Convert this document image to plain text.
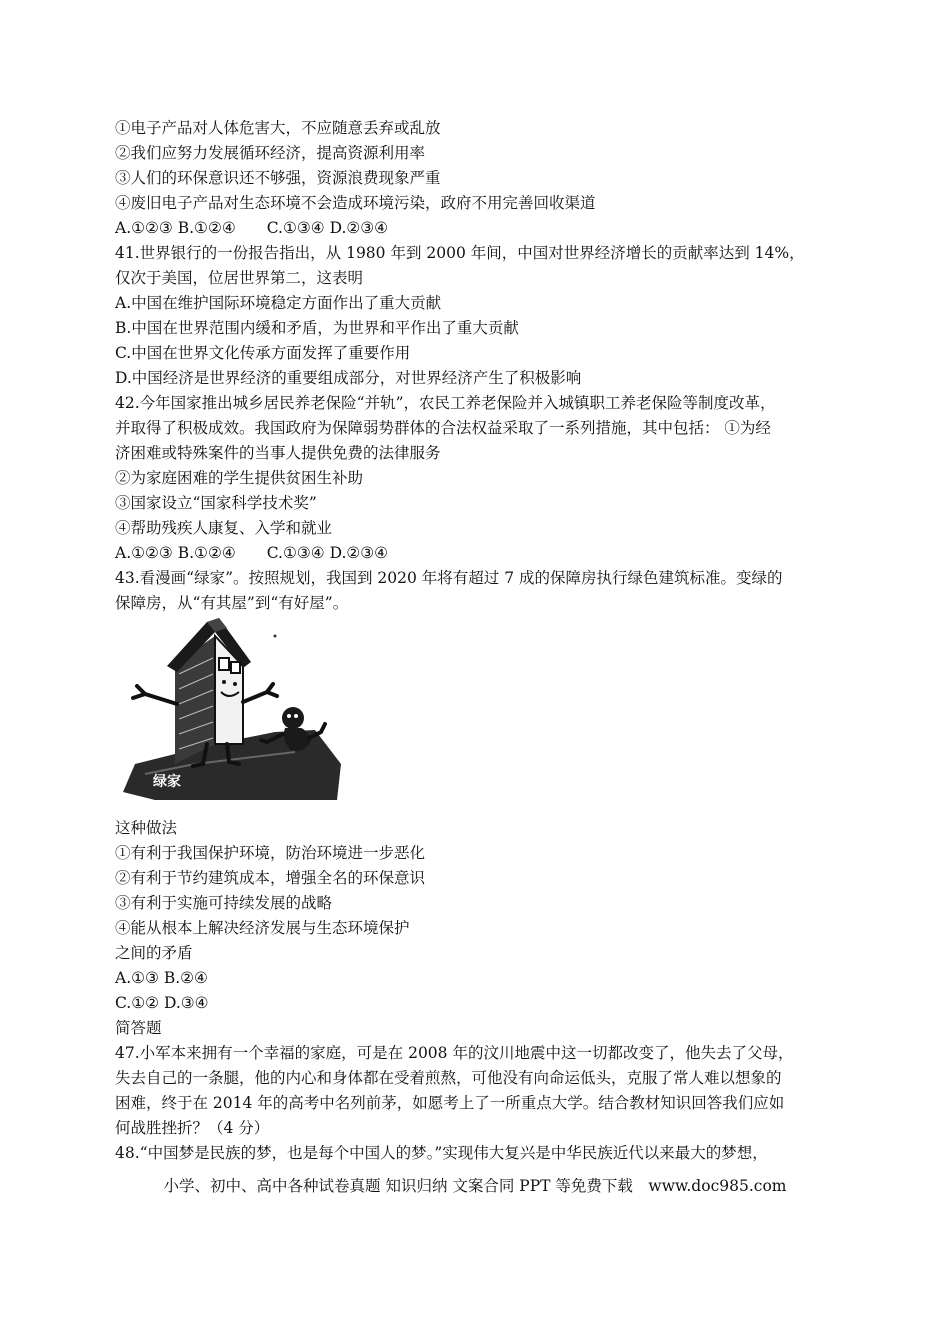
①电子产品对人体危害大，不应随意丢弃或乱放
②我们应努力发展循环经济，提高资源利用率
③人们的环保意识还不够强，资源浪费现象严重
④废旧电子产品对生态环境不会造成环境污染，政府不用完善回收渠道
A.①②③ B.①②④　　C.①③④ D.②③④
41.世界银行的一份报告指出，从 1980 年到 2000 年间，中国对世界经济增长的贡献率达到 14%，
仅次于美国，位居世界第二，这表明
A.中国在维护国际环境稳定方面作出了重大贡献
B.中国在世界范围内缓和矛盾，为世界和平作出了重大贡献
C.中国在世界文化传承方面发挥了重要作用
D.中国经济是世界经济的重要组成部分，对世界经济产生了积极影响
42.今年国家推出城乡居民养老保险“并轨”，农民工养老保险并入城镇职工养老保险等制度改革，
并取得了积极成效。我国政府为保障弱势群体的合法权益采取了一系列措施，其中包括： ①为经
济困难或特殊案件的当事人提供免费的法律服务
②为家庭困难的学生提供贫困生补助
③国家设立“国家科学技术奖”
④帮助残疾人康复、入学和就业
A.①②③ B.①②④　　C.①③④ D.②③④
43.看漫画“绿家”。按照规划，我国到 2020 年将有超过 7 成的保障房执行绿色建筑标准。变绿的
保障房，从“有其屋”到“有好屋”。
绿家
这种做法
①有利于我国保护环境，防治环境进一步恶化
②有利于节约建筑成本，增强全名的环保意识
③有利于实施可持续发展的战略
④能从根本上解决经济发展与生态环境保护
之间的矛盾
A.①③ B.②④
C.①② D.③④
简答题
47.小军本来拥有一个幸福的家庭，可是在 2008 年的汶川地震中这一切都改变了，他失去了父母，
失去自己的一条腿，他的内心和身体都在受着煎熬，可他没有向命运低头，克服了常人难以想象的
困难，终于在 2014 年的高考中名列前茅，如愿考上了一所重点大学。结合教材知识回答我们应如
何战胜挫折？（4 分）
48.“中国梦是民族的梦，也是每个中国人的梦。”实现伟大复兴是中华民族近代以来最大的梦想，
小学、初中、高中各种试卷真题 知识归纳 文案合同 PPT 等免费下载　www.doc985.com
